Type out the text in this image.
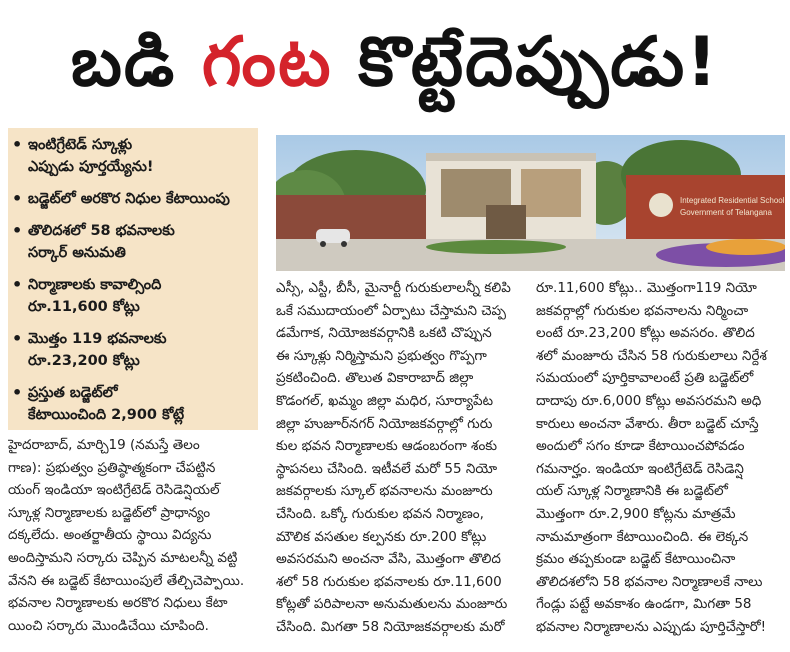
బడి గంట కొట్టేదెప్పుడు!
• ఇంటిగ్రేటెడ్ స్కూళ్లు
ఎప్పుడు పూర్తయ్యేను!
• బడ్జెట్‌లో అరకొర నిధుల కేటాయింపు
• తొలిదశలో 58 భవనాలకు
సర్కార్ అనుమతి
• నిర్మాణాలకు కావాల్సింది
రూ.11,600 కోట్లు
• మొత్తం 119 భవనాలకు
రూ.23,200 కోట్లు
• ప్రస్తుత బడ్జెట్‌లో
కేటాయించింది 2,900 కోట్లే
Integrated Residential School
Government of Telangana
హైదరాబాద్, మార్చి19 (నమస్తే తెలం
గాణ): ప్రభుత్వం ప్రతిష్ఠాత్మకంగా చేపట్టిన
యంగ్ ఇండియా ఇంటిగ్రేటెడ్ రెసిడెన్షియల్
స్కూళ్ల నిర్మాణాలకు బడ్జెట్‌లో ప్రాధాన్యం
దక్కలేదు. అంతర్జాతీయ స్థాయి విద్యను
అందిస్తామని సర్కారు చెప్పిన మాటలన్నీ వట్టి
వేనని ఈ బడ్జెట్ కేటాయింపులే తేల్చిచెప్పాయి.
భవనాల నిర్మాణాలకు అరకొర నిధులు కేటా
యించి సర్కారు మొండిచేయి చూపింది.
ఎస్సీ, ఎస్టీ, బీసీ, మైనార్టీ గురుకులాలన్నీ కలిపి
ఒకే సముదాయంలో ఏర్పాటు చేస్తామని చెప్ప
డమేగాక, నియోజకవర్గానికి ఒకటి చొప్పున
ఈ స్కూళ్లు నిర్మిస్తామని ప్రభుత్వం గొప్పగా
ప్రకటించింది. తొలుత వికారాబాద్ జిల్లా
కొడంగల్, ఖమ్మం జిల్లా మధిర, సూర్యాపేట
జిల్లా హుజూర్‌నగర్ నియోజకవర్గాల్లో గురు
కుల భవన నిర్మాణాలకు ఆడంబరంగా శంకు
స్థాపనలు చేసింది. ఇటీవలే మరో 55 నియో
జకవర్గాలకు స్కూల్ భవనాలను మంజూరు
చేసింది. ఒక్కో గురుకుల భవన నిర్మాణం,
మౌలిక వసతుల కల్పనకు రూ.200 కోట్లు
అవసరమని అంచనా వేసి, మొత్తంగా తొలిద
శలో 58 గురుకుల భవనాలకు రూ.11,600
కోట్లతో పరిపాలనా అనుమతులను మంజూరు
చేసింది. మిగతా 58 నియోజకవర్గాలకు మరో
రూ.11,600 కోట్లు.. మొత్తంగా119 నియో
జకవర్గాల్లో గురుకుల భవనాలను నిర్మించా
లంటే రూ.23,200 కోట్లు అవసరం. తొలిద
శలో మంజూరు చేసిన 58 గురుకులాలు నిర్దేశ
సమయంలో పూర్తికావాలంటే ప్రతి బడ్జెట్‌లో
దాదాపు రూ.6,000 కోట్లు అవసరమని అధి
కారులు అంచనా వేశారు. తీరా బడ్జెట్ చూస్తే
అందులో సగం కూడా కేటాయించపోవడం
గమనార్హం. ఇండియా ఇంటిగ్రేటెడ్ రెసిడెన్షి
యల్ స్కూళ్ల నిర్మాణానికి ఈ బడ్జెట్‌లో
మొత్తంగా రూ.2,900 కోట్లను మాత్రమే
నామమాత్రంగా కేటాయించింది. ఈ లెక్కన
క్రమం తప్పకుండా బడ్జెట్ కేటాయించినా
తొలిదశలోని 58 భవనాల నిర్మాణాలకే నాలు
గేండ్లు పట్టే అవకాశం ఉండగా, మిగతా 58
భవనాల నిర్మాణాలను ఎప్పుడు పూర్తిచేస్తారో!
